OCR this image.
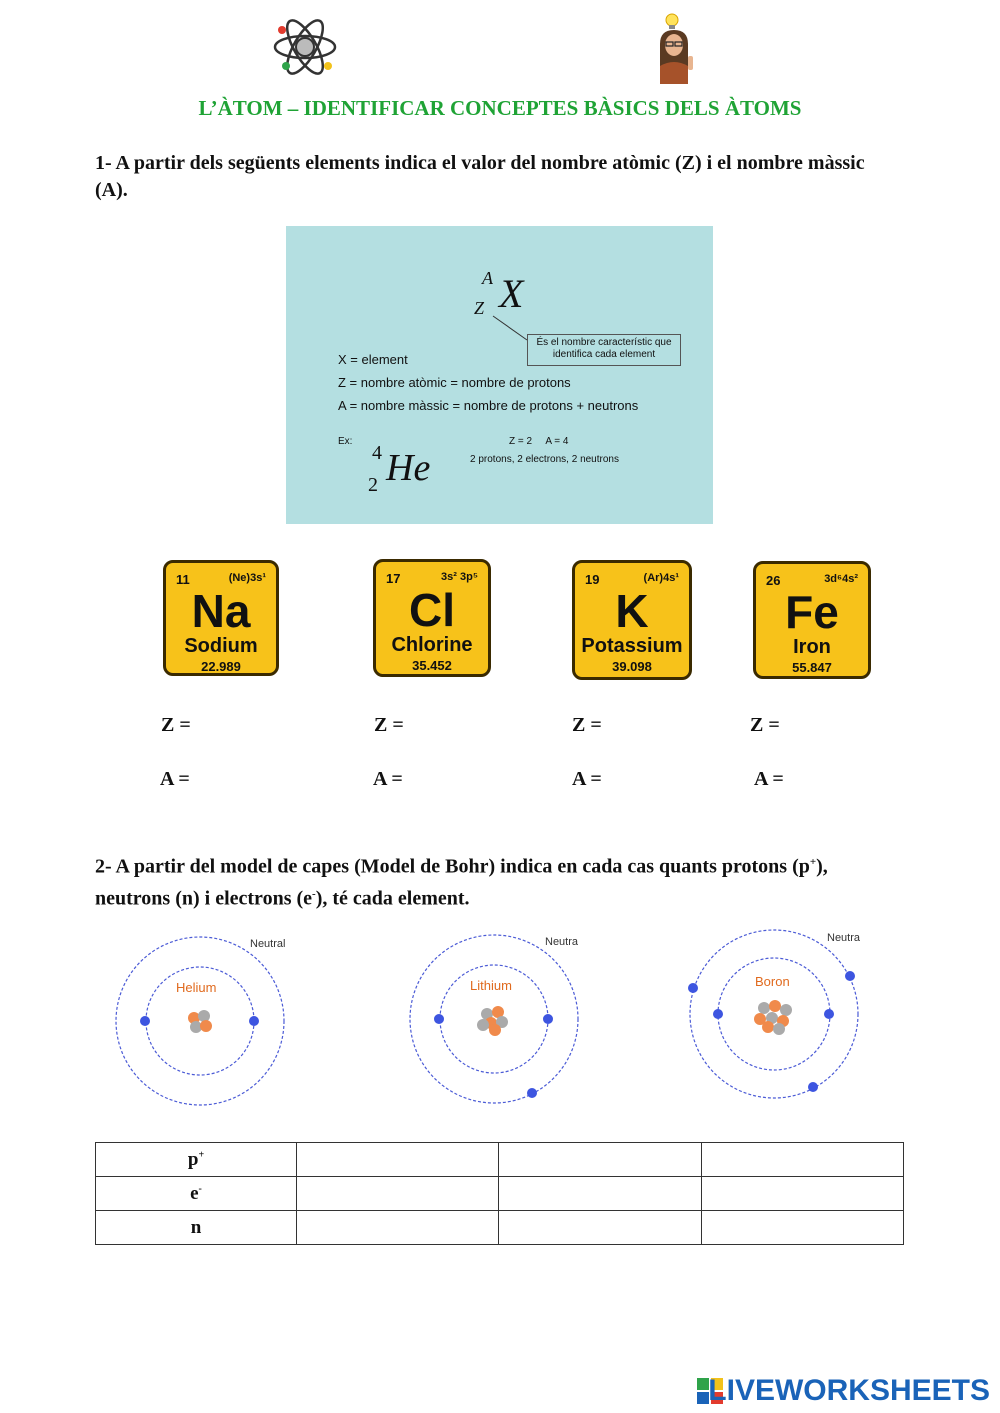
L’ÀTOM – IDENTIFICAR CONCEPTES BÀSICS DELS ÀTOMS
1- A partir dels següents elements indica el valor del nombre atòmic (Z) i el nombre màssic (A).
A
Z X
És el nombre característic que identifica cada element
X = element
Z = nombre atòmic = nombre de protons
A = nombre màssic = nombre de protons + neutrons
Ex:
4
2 He
Z = 2     A = 4
2 protons, 2 electrons, 2 neutrons
11	(Ne)3s¹
Na
Sodium
22.989
17	3s² 3p⁵
Cl
Chlorine
35.452
19	(Ar)4s¹
K
Potassium
39.098
26	3d⁶4s²
Fe
Iron
55.847
Z =	Z =	Z =	Z =
A =	A =	A =	A =
2- A partir del model de capes (Model de Bohr) indica en cada cas quants protons (p+), neutrons (n) i electrons (e-), té cada element.
Helium
Neutral
Lithium
Neutra
Boron
Neutra
p+			
e-			
n			
LIVEWORKSHEETS
